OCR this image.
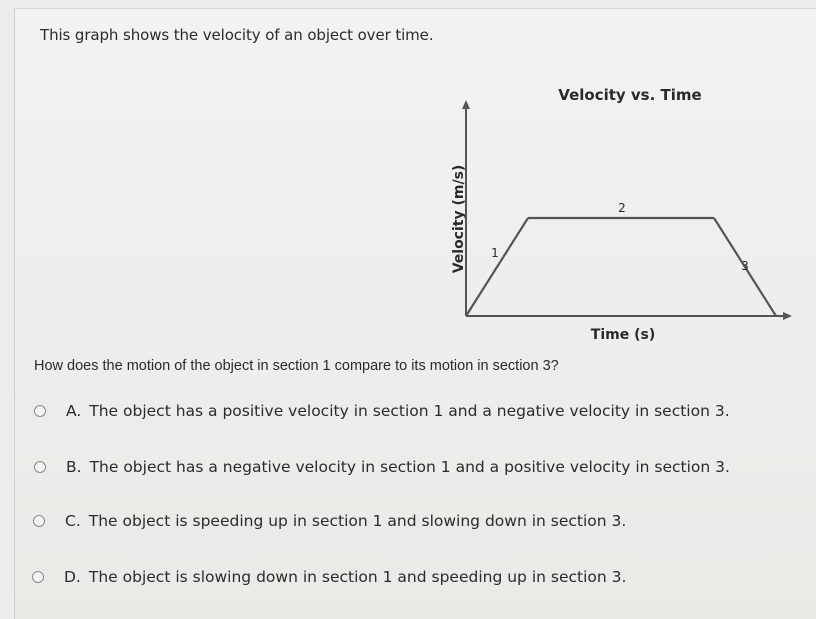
This graph shows the velocity of an object over time.
Velocity vs. Time
Velocity (m/s)
Time (s)
1
2
3
How does the motion of the object in section 1 compare to its motion in section 3?
A. The object has a positive velocity in section 1 and a negative velocity in section 3.
B. The object has a negative velocity in section 1 and a positive velocity in section 3.
C. The object is speeding up in section 1 and slowing down in section 3.
D. The object is slowing down in section 1 and speeding up in section 3.
